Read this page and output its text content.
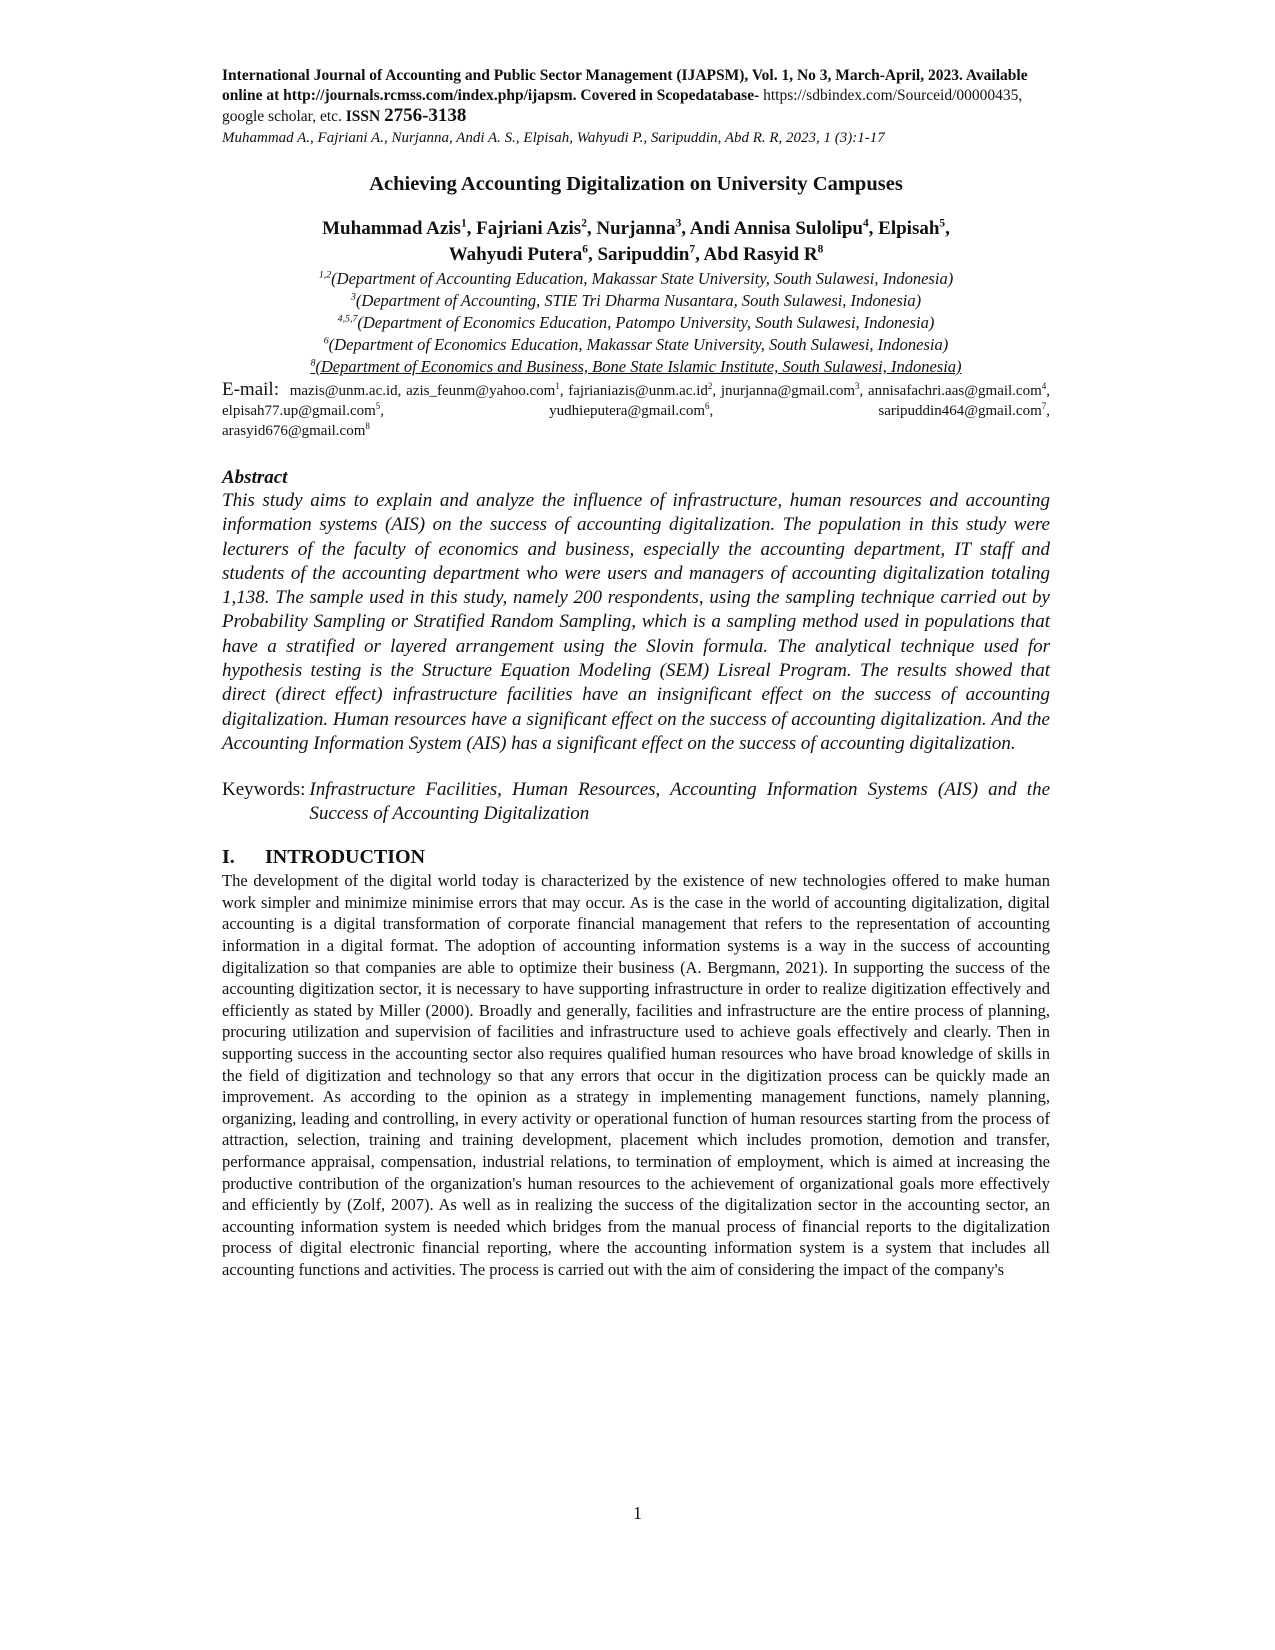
International Journal of Accounting and Public Sector Management (IJAPSM), Vol. 1, No 3, March-April, 2023. Available online at http://journals.rcmss.com/index.php/ijapsm. Covered in Scopedatabase- https://sdbindex.com/Sourceid/00000435, google scholar, etc. ISSN 2756-3138
Muhammad A., Fajriani A., Nurjanna, Andi A. S., Elpisah, Wahyudi P., Saripuddin, Abd R. R, 2023, 1 (3):1-17
Achieving Accounting Digitalization on University Campuses
Muhammad Azis$^1$, Fajriani Azis$^2$, Nurjanna$^3$, Andi Annisa Sulolipu$^4$, Elpisah$^5$,
Wahyudi Putera$^6$, Saripuddin$^7$, Abd Rasyid $R^8$
$^{1,2}$(Department of Accounting Education, Makassar State University, South Sulawesi, Indonesia)
$^3$(Department of Accounting, STIE Tri Dharma Nusantara, South Sulawesi, Indonesia)
$^{4,5,7}$(Department of Economics Education, Patompo University, South Sulawesi, Indonesia)
$^6$(Department of Economics Education, Makassar State University, South Sulawesi, Indonesia)
$^8$(Department of Economics and Business, Bone State Islamic Institute, South Sulawesi, Indonesia)
E-mail: mazis@unm.ac.id, azis_feunm@yahoo.com$^1$, $fajrianiazis@unm.ac.id^2$, jnurjanna@gmail.com$^3$, annisafachri.aas@gmail.com$^4$, elpisah77.up@gmail.com$^5$,	yudhieputera@gmail.com$^6$,	saripuddin464@gmail.com$^7$,
arasyid676@gmail.com$^8$
Abstract
This study aims to explain and analyze the influence of infrastructure, human resources and accounting information systems (AIS) on the success of accounting digitalization. The population in this study were lecturers of the faculty of economics and business, especially the accounting department, IT staff and students of the accounting department who were users and managers of accounting digitalization totaling 1,138. The sample used in this study, namely 200 respondents, using the sampling technique carried out by Probability Sampling or Stratified Random Sampling, which is a sampling method used in populations that have a stratified or layered arrangement using the Slovin formula. The analytical technique used for hypothesis testing is the Structure Equation Modeling (SEM) Lisreal Program. The results showed that direct (direct effect) infrastructure facilities have an insignificant effect on the success of accounting digitalization. Human resources have a significant effect on the success of accounting digitalization. And the Accounting Information System (AIS) has a significant effect on the success of accounting digitalization.
Keywords: Infrastructure Facilities, Human Resources, Accounting Information Systems (AIS) and the Success of Accounting Digitalization
I.	INTRODUCTION
The development of the digital world today is characterized by the existence of new technologies offered to make human work simpler and minimize minimise errors that may occur. As is the case in the world of accounting digitalization, digital accounting is a digital transformation of corporate financial management that refers to the representation of accounting information in a digital format. The adoption of accounting information systems is a way in the success of accounting digitalization so that companies are able to optimize their business (A. Bergmann, 2021). In supporting the success of the accounting digitization sector, it is necessary to have supporting infrastructure in order to realize digitization effectively and efficiently as stated by Miller (2000). Broadly and generally, facilities and infrastructure are the entire process of planning, procuring utilization and supervision of facilities and infrastructure used to achieve goals effectively and clearly. Then in supporting success in the accounting sector also requires qualified human resources who have broad knowledge of skills in the field of digitization and technology so that any errors that occur in the digitization process can be quickly made an improvement. As according to the opinion as a strategy in implementing management functions, namely planning, organizing, leading and controlling, in every activity or operational function of human resources starting from the process of attraction, selection, training and training development, placement which includes promotion, demotion and transfer, performance appraisal, compensation, industrial relations, to termination of employment, which is aimed at increasing the productive contribution of the organization's human resources to the achievement of organizational goals more effectively and efficiently by (Zolf, 2007). As well as in realizing the success of the digitalization sector in the accounting sector, an accounting information system is needed which bridges from the manual process of financial reports to the digitalization process of digital electronic financial reporting, where the accounting information system is a system that includes all accounting functions and activities. The process is carried out with the aim of considering the impact of the company's
1
